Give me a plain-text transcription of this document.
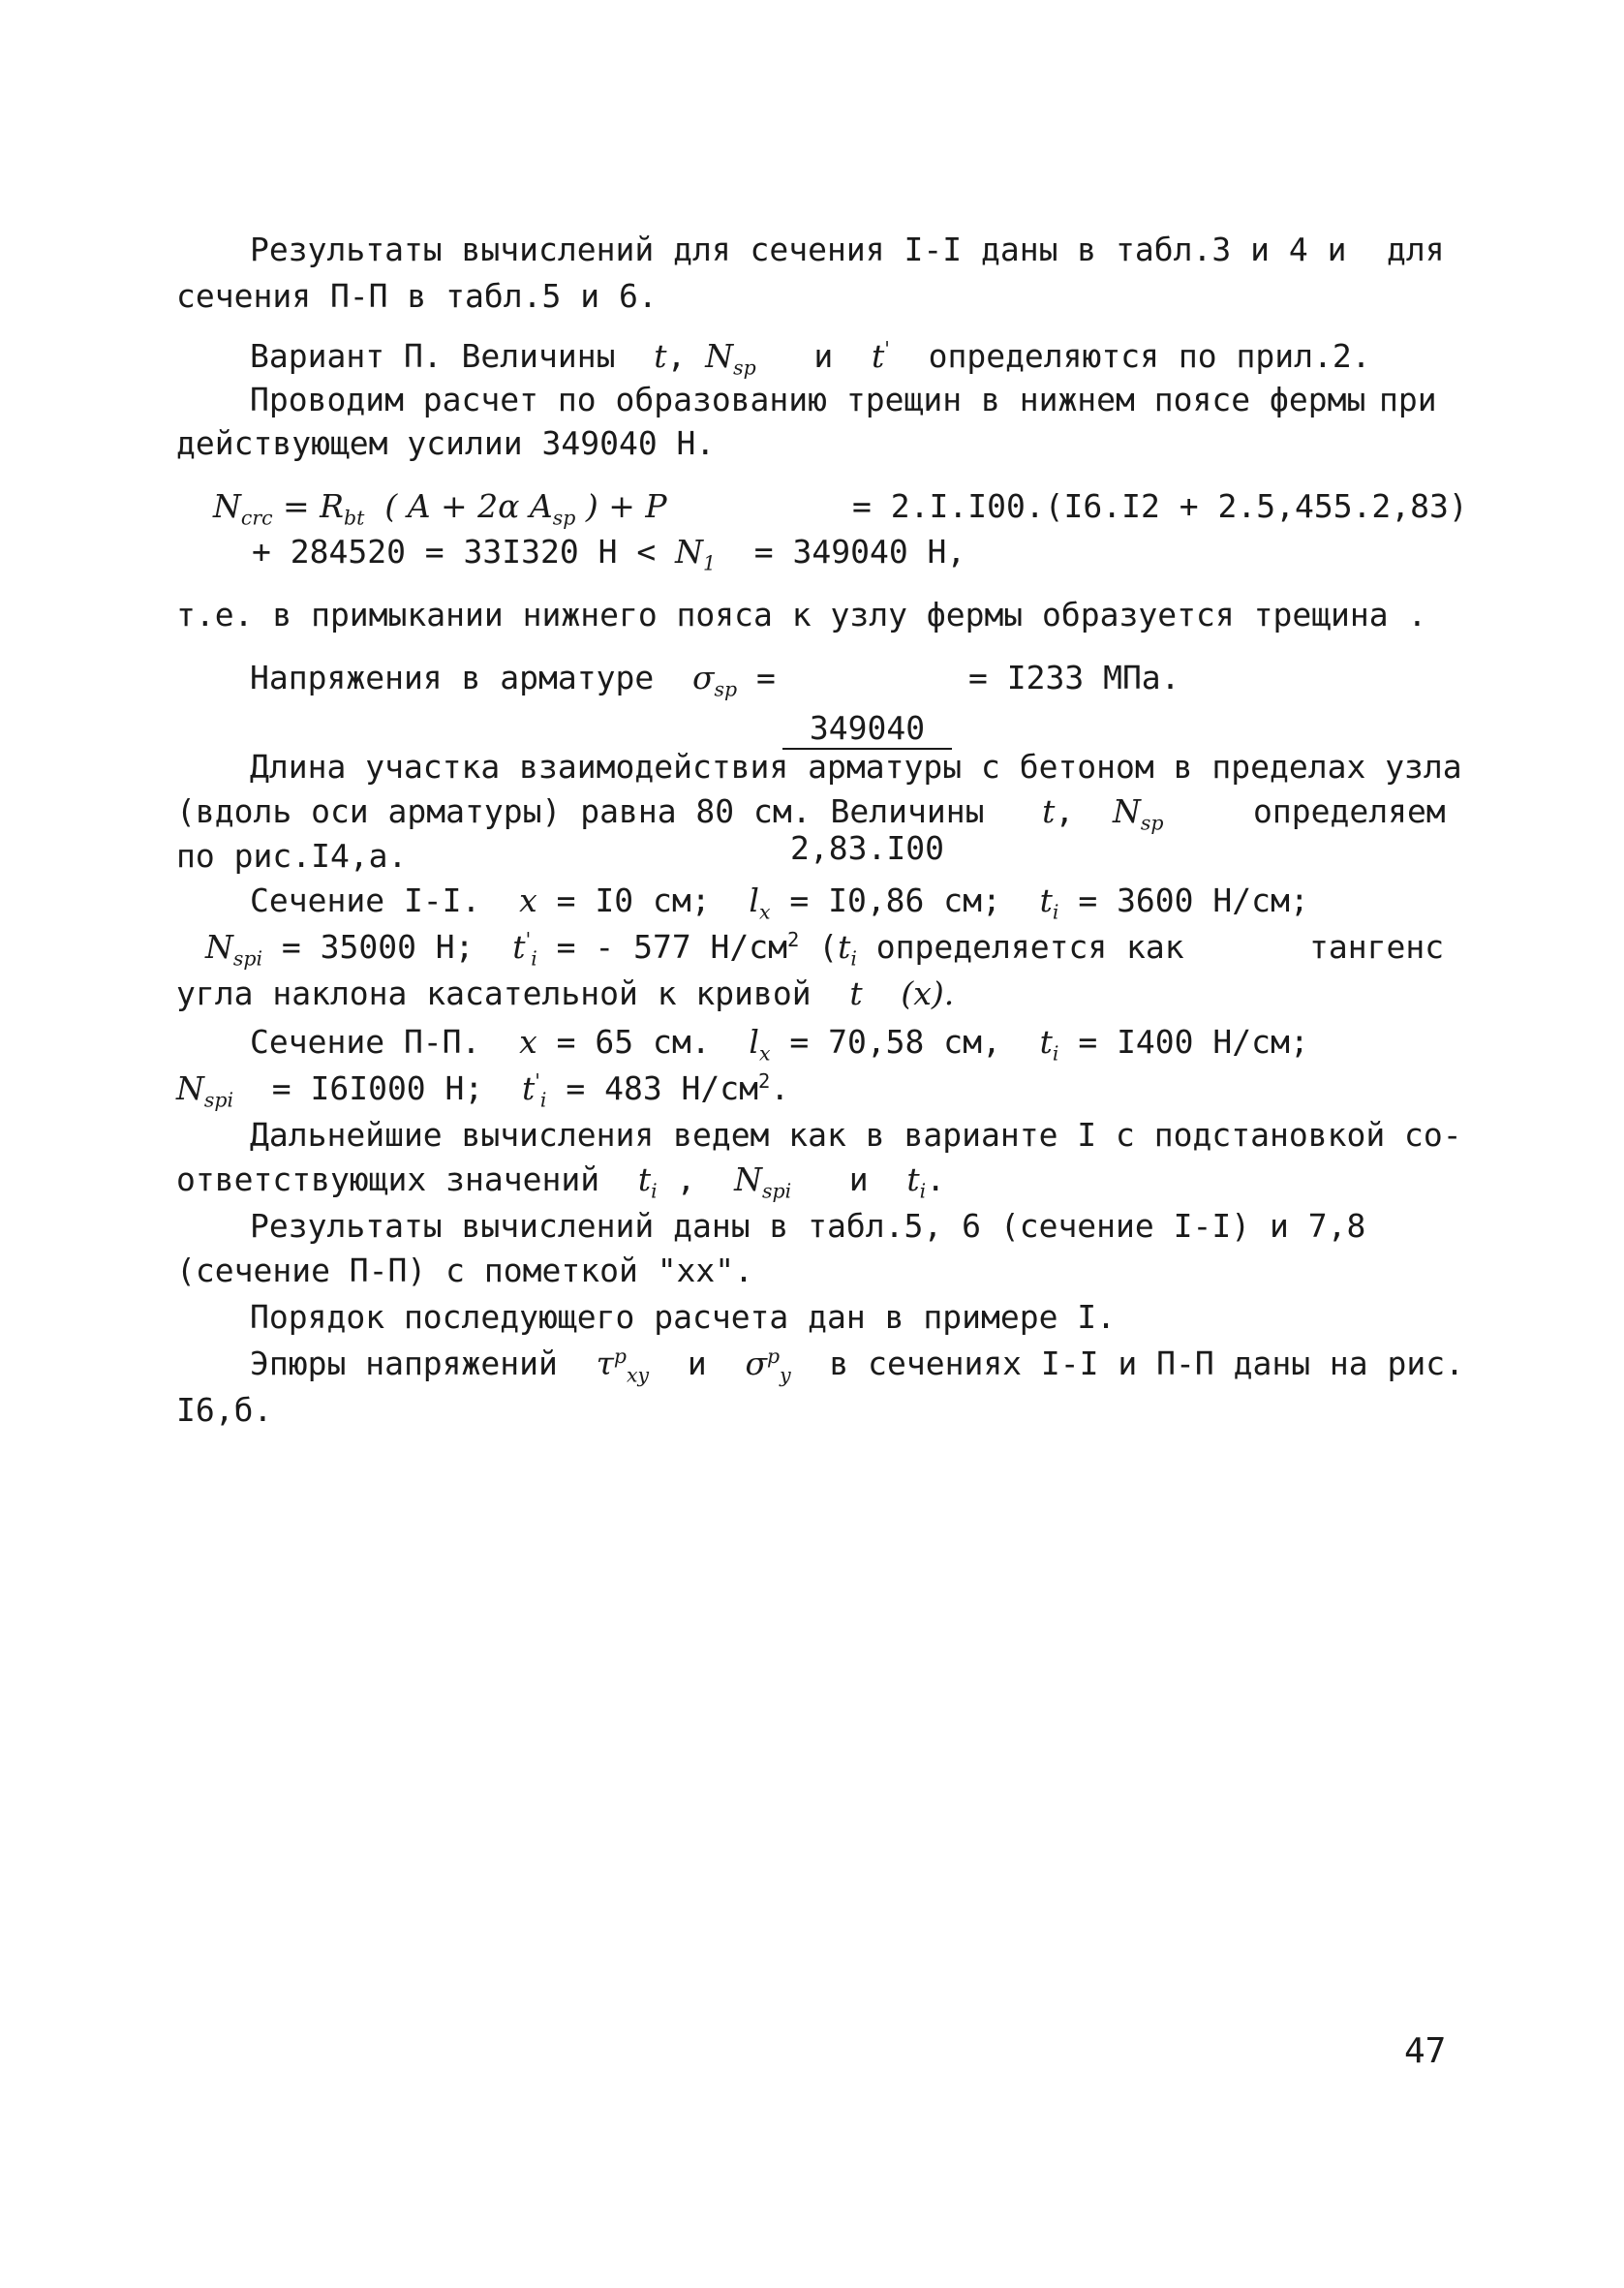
Результаты вычислений для сечения I-I даны в табл.3 и 4 и для
сечения П-П в табл.5 и 6.
Вариант П. Величины t, $N_{sp}$ и t' определяются по прил.2.
Проводим расчет по образованию трещин в нижнем поясе фермы при
действующем усилии 349040 Н.
$N_{crc} = R_{bt}$ ( A + 2α $A_{sp}$ ) + P	= 2.I.I00.(I6.I2 + 2.5,455.2,83)
+ 284520 = 33I320 $Н < N_1 = 349040$ Н,
т.е. в примыкании нижнего пояса к узлу фермы образуется трещина .
Напряжения в арматуре $\sigma_{sp}$ =

$\frac{349040}{2,83.I00}$

= I233 МПа.
Длина участка взаимодействия арматуры с бетоном в пределах узла
(вдоль оси арматуры) равна 80 см. Величины t, $N_{sp}$	определяем
по рис.I4,а.
Сечение I-I. x = I0 см; $l_x = I0,86$ см; $t_i = 3600$ Н/см;
$N_{spi} = 35000$ Н; $t'_i$ = - 577 $Н/см^2$ ($t_i$ определяется как	тангенс
угла наклона касательной к кривой t (x).
Сечение П-П. x = 65 см. $l_x = 70,58$ см, $t_i = I400$ Н/см;
$N_{spi} = I6I000$ Н; $t'_i = 483$ $Н/см^2$.
Дальнейшие вычисления ведем как в варианте I с подстановкой со-
ответствующих значений $t_i$ , $N_{spi}$ и $t_i$.
Результаты вычислений даны в табл.5, 6 (сечение I-I) и 7,8
(сечение П-П) с пометкой "хх".
Порядок последующего расчета дан в примере I.
Эпюры напряжений $\tau^p_{xy}$ и $\sigma^p_y$ в сечениях I-I и П-П даны на рис.
I6,б.
47
